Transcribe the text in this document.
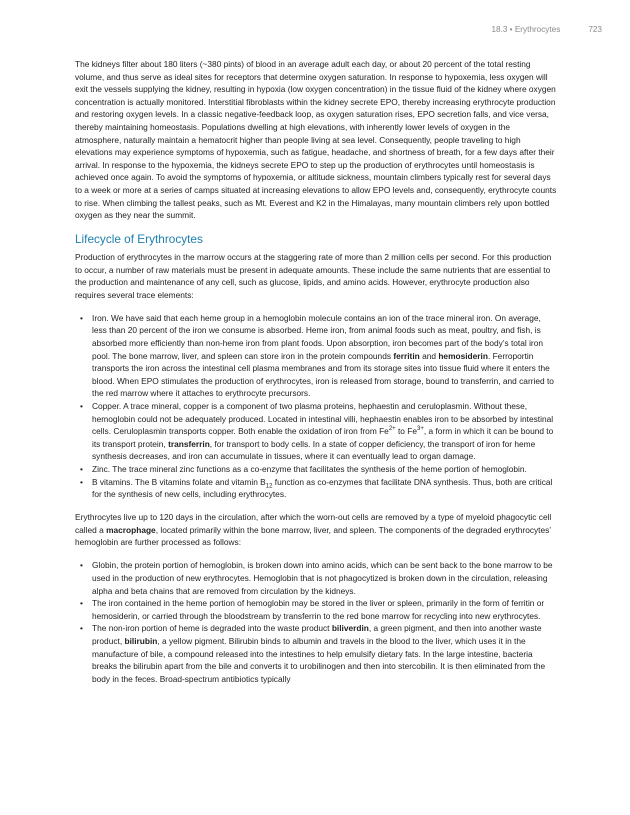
18.3 • Erythrocytes	723

The kidneys filter about 180 liters (~380 pints) of blood in an average adult each day, or about 20 percent of the total resting volume, and thus serve as ideal sites for receptors that determine oxygen saturation. In response to hypoxemia, less oxygen will exit the vessels supplying the kidney, resulting in hypoxia (low oxygen concentration) in the tissue fluid of the kidney where oxygen concentration is actually monitored. Interstitial fibroblasts within the kidney secrete EPO, thereby increasing erythrocyte production and restoring oxygen levels. In a classic negative-feedback loop, as oxygen saturation rises, EPO secretion falls, and vice versa, thereby maintaining homeostasis. Populations dwelling at high elevations, with inherently lower levels of oxygen in the atmosphere, naturally maintain a hematocrit higher than people living at sea level. Consequently, people traveling to high elevations may experience symptoms of hypoxemia, such as fatigue, headache, and shortness of breath, for a few days after their arrival. In response to the hypoxemia, the kidneys secrete EPO to step up the production of erythrocytes until homeostasis is achieved once again. To avoid the symptoms of hypoxemia, or altitude sickness, mountain climbers typically rest for several days to a week or more at a series of camps situated at increasing elevations to allow EPO levels and, consequently, erythrocyte counts to rise. When climbing the tallest peaks, such as Mt. Everest and K2 in the Himalayas, many mountain climbers rely upon bottled oxygen as they near the summit.

Lifecycle of Erythrocytes

Production of erythrocytes in the marrow occurs at the staggering rate of more than 2 million cells per second. For this production to occur, a number of raw materials must be present in adequate amounts. These include the same nutrients that are essential to the production and maintenance of any cell, such as glucose, lipids, and amino acids. However, erythrocyte production also requires several trace elements:

• Iron. We have said that each heme group in a hemoglobin molecule contains an ion of the trace mineral iron. On average, less than 20 percent of the iron we consume is absorbed. Heme iron, from animal foods such as meat, poultry, and fish, is absorbed more efficiently than non-heme iron from plant foods. Upon absorption, iron becomes part of the body’s total iron pool. The bone marrow, liver, and spleen can store iron in the protein compounds ferritin and hemosiderin. Ferroportin transports the iron across the intestinal cell plasma membranes and from its storage sites into tissue fluid where it enters the blood. When EPO stimulates the production of erythrocytes, iron is released from storage, bound to transferrin, and carried to the red marrow where it attaches to erythrocyte precursors.
• Copper. A trace mineral, copper is a component of two plasma proteins, hephaestin and ceruloplasmin. Without these, hemoglobin could not be adequately produced. Located in intestinal villi, hephaestin enables iron to be absorbed by intestinal cells. Ceruloplasmin transports copper. Both enable the oxidation of iron from $Fe^{2+}$ to $Fe^{3+}$, a form in which it can be bound to its transport protein, transferrin, for transport to body cells. In a state of copper deficiency, the transport of iron for heme synthesis decreases, and iron can accumulate in tissues, where it can eventually lead to organ damage.
• Zinc. The trace mineral zinc functions as a co-enzyme that facilitates the synthesis of the heme portion of hemoglobin.
• B vitamins. The B vitamins folate and vitamin $B_{12}$ function as co-enzymes that facilitate DNA synthesis. Thus, both are critical for the synthesis of new cells, including erythrocytes.

Erythrocytes live up to 120 days in the circulation, after which the worn-out cells are removed by a type of myeloid phagocytic cell called a macrophage, located primarily within the bone marrow, liver, and spleen. The components of the degraded erythrocytes’ hemoglobin are further processed as follows:

• Globin, the protein portion of hemoglobin, is broken down into amino acids, which can be sent back to the bone marrow to be used in the production of new erythrocytes. Hemoglobin that is not phagocytized is broken down in the circulation, releasing alpha and beta chains that are removed from circulation by the kidneys.
• The iron contained in the heme portion of hemoglobin may be stored in the liver or spleen, primarily in the form of ferritin or hemosiderin, or carried through the bloodstream by transferrin to the red bone marrow for recycling into new erythrocytes.
• The non-iron portion of heme is degraded into the waste product biliverdin, a green pigment, and then into another waste product, bilirubin, a yellow pigment. Bilirubin binds to albumin and travels in the blood to the liver, which uses it in the manufacture of bile, a compound released into the intestines to help emulsify dietary fats. In the large intestine, bacteria breaks the bilirubin apart from the bile and converts it to urobilinogen and then into stercobilin. It is then eliminated from the body in the feces. Broad-spectrum antibiotics typically
